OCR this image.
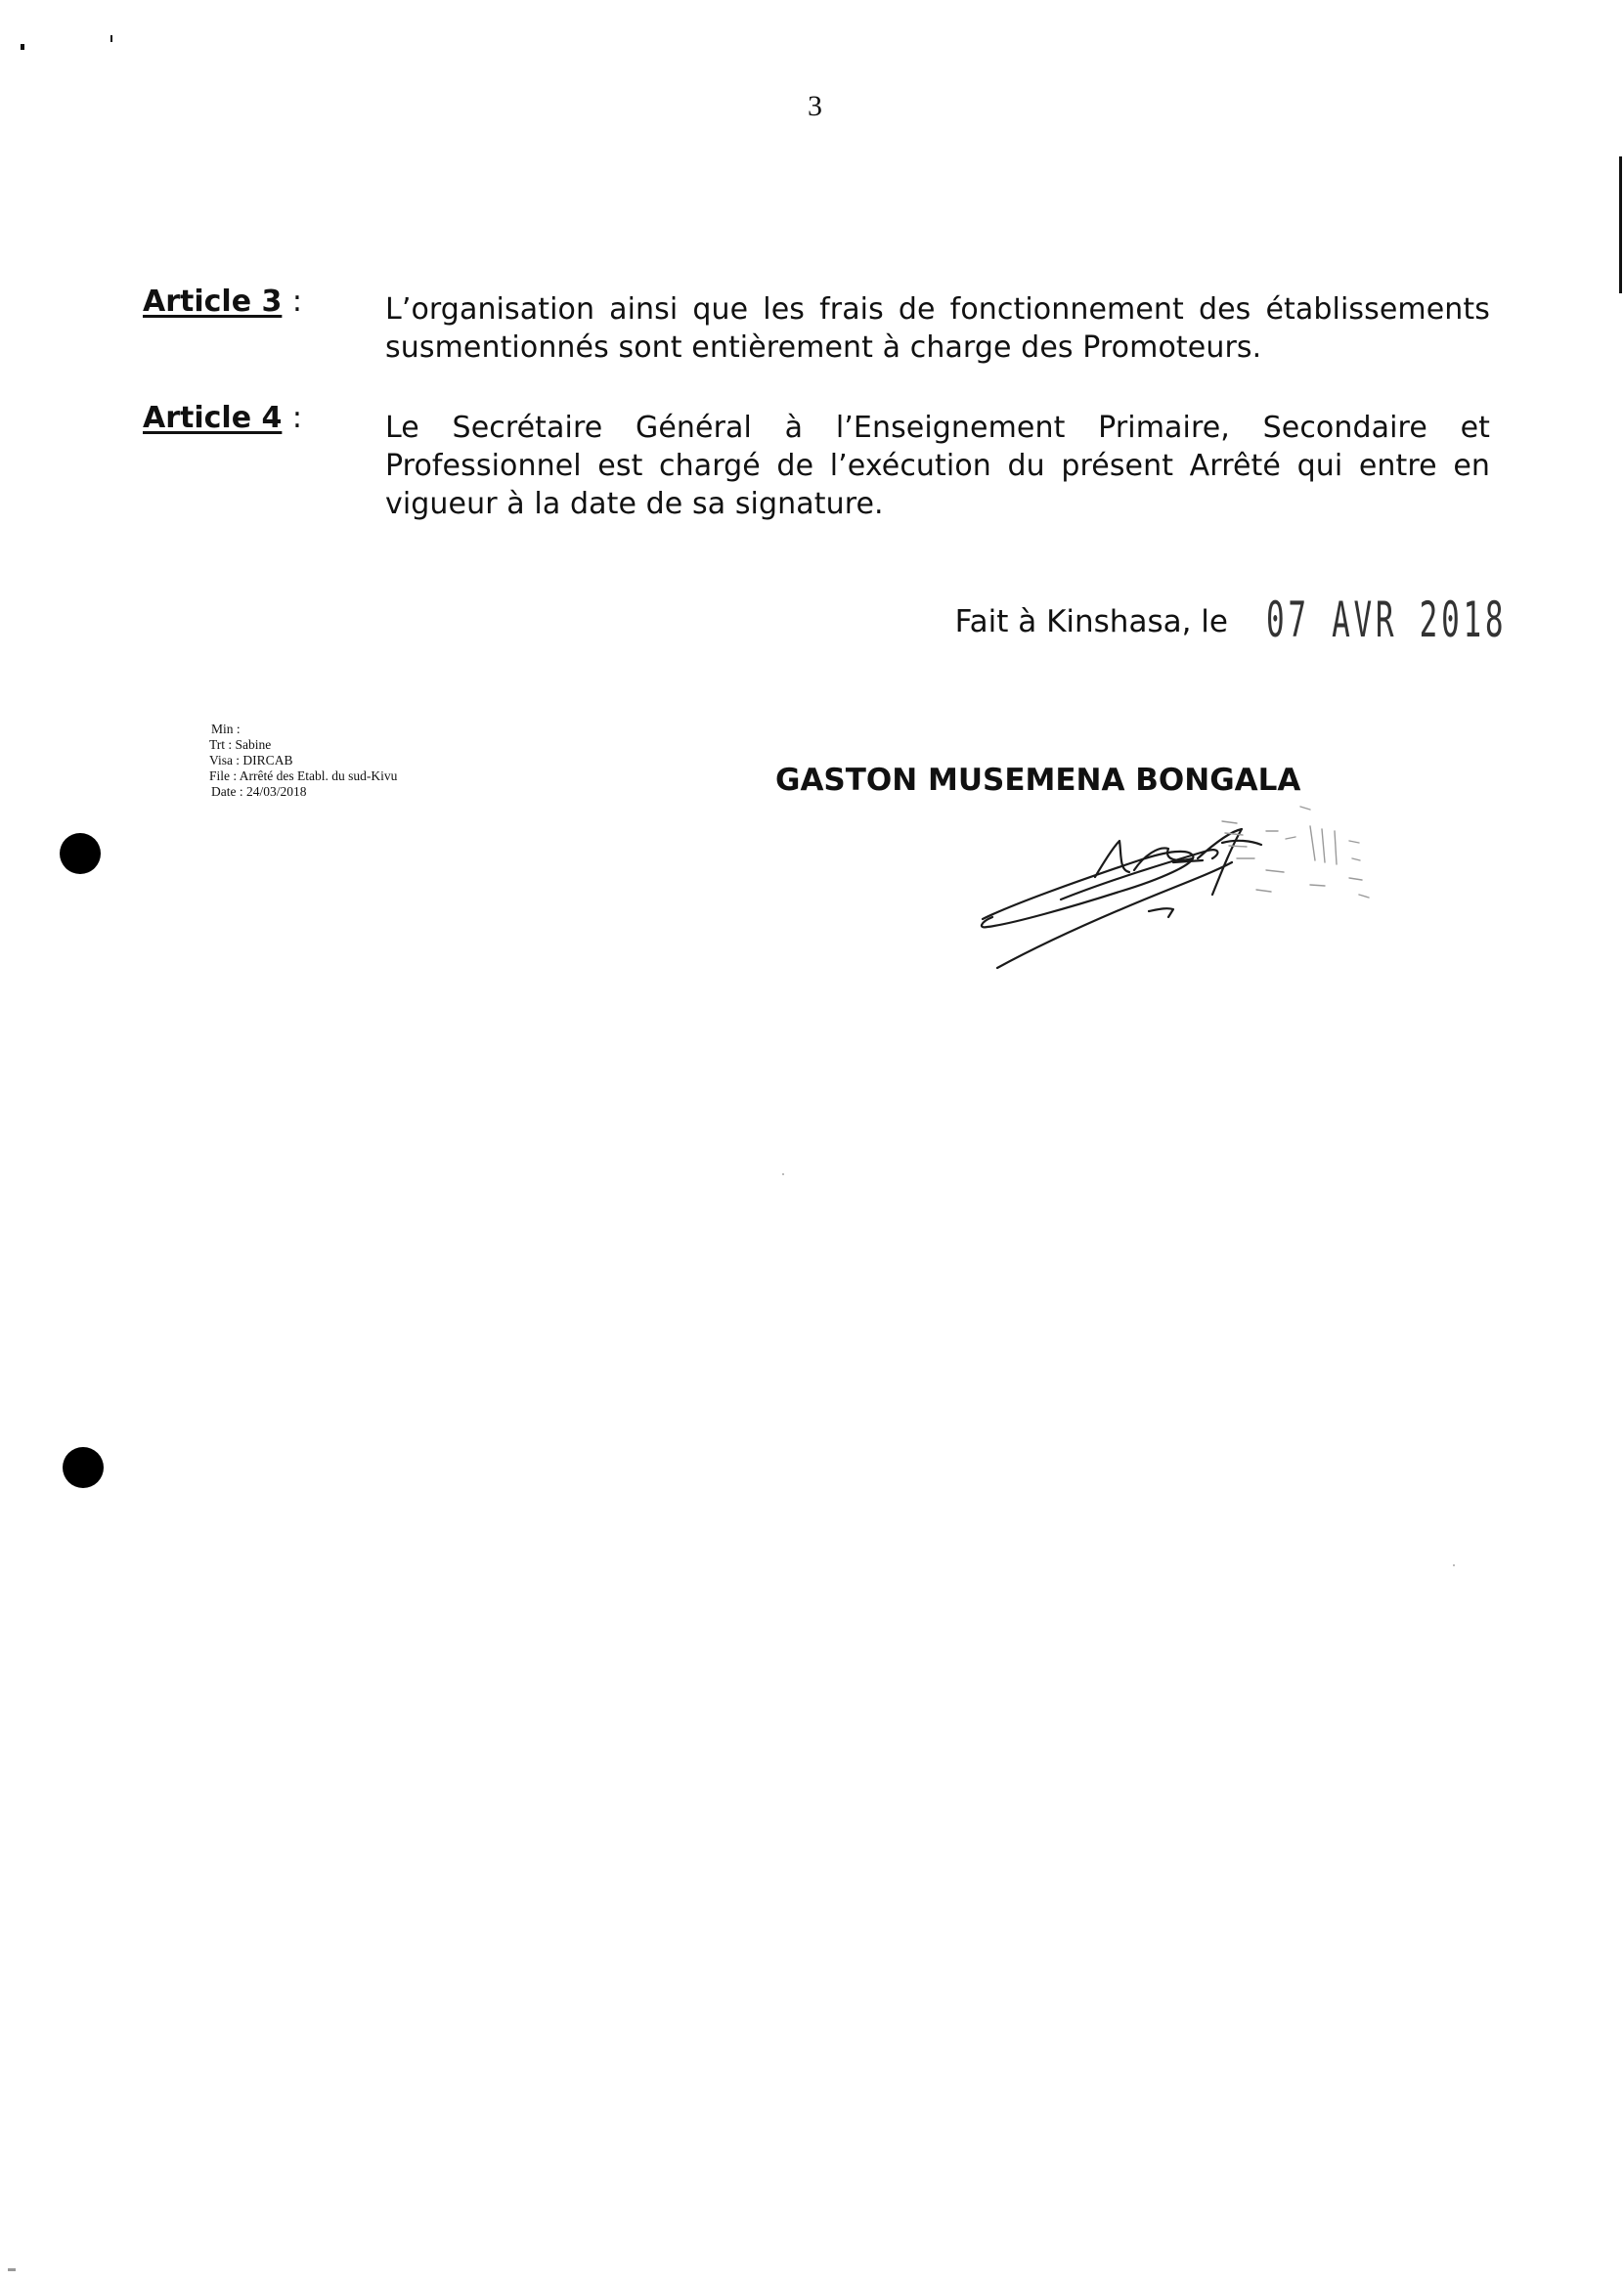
3
Article 3 :	L’organisation ainsi que les frais de fonctionnement des établissements susmentionnés sont entièrement à charge des Promoteurs.
Article 4 :	Le Secrétaire Général à l’Enseignement Primaire, Secondaire et Professionnel est chargé de l’exécution du présent Arrêté qui entre en vigueur à la date de sa signature.
Fait à Kinshasa, le 07 AVR 2018
Min :
Trt : Sabine
Visa : DIRCAB
File : Arrêté des Etabl. du sud-Kivu
Date : 24/03/2018	GASTON MUSEMENA BONGALA
